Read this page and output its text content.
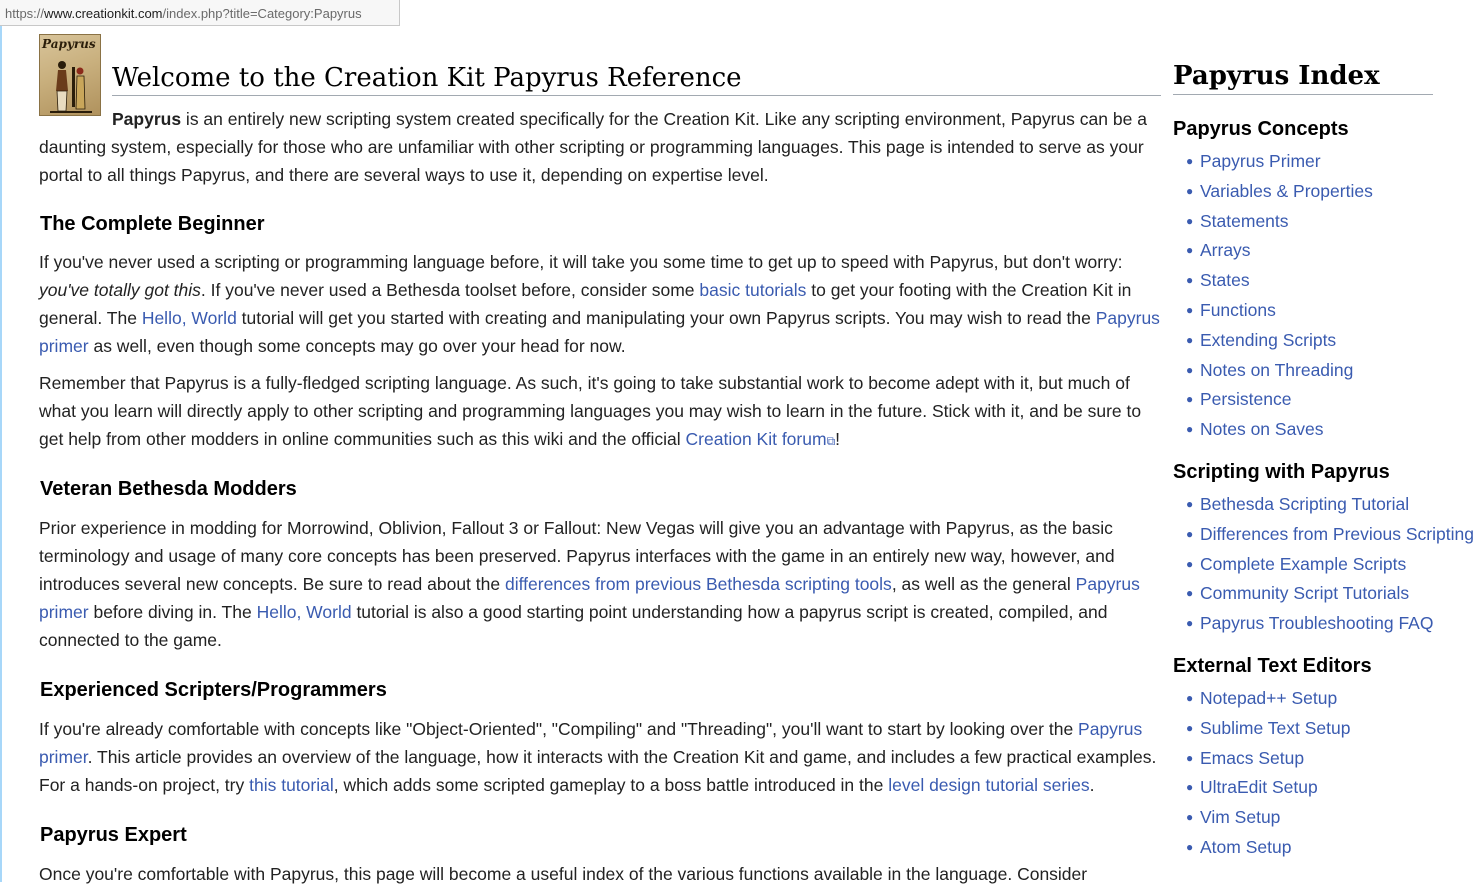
https://www.creationkit.com/index.php?title=Category:Papyrus
Papyrus
Welcome to the Creation Kit Papyrus Reference

Papyrus is an entirely new scripting system created specifically for the Creation Kit. Like any scripting environment, Papyrus can be a daunting system, especially for those who are unfamiliar with other scripting or programming languages. This page is intended to serve as your portal to all things Papyrus, and there are several ways to use it, depending on expertise level.

The Complete Beginner

If you've never used a scripting or programming language before, it will take you some time to get up to speed with Papyrus, but don't worry: you've totally got this. If you've never used a Bethesda toolset before, consider some basic tutorials to get your footing with the Creation Kit in general. The Hello, World tutorial will get you started with creating and manipulating your own Papyrus scripts. You may wish to read the Papyrus primer as well, even though some concepts may go over your head for now.

Remember that Papyrus is a fully-fledged scripting language. As such, it's going to take substantial work to become adept with it, but much of what you learn will directly apply to other scripting and programming languages you may wish to learn in the future. Stick with it, and be sure to get help from other modders in online communities such as this wiki and the official Creation Kit forum⧉!

Veteran Bethesda Modders

Prior experience in modding for Morrowind, Oblivion, Fallout 3 or Fallout: New Vegas will give you an advantage with Papyrus, as the basic terminology and usage of many core concepts has been preserved. Papyrus interfaces with the game in an entirely new way, however, and introduces several new concepts. Be sure to read about the differences from previous Bethesda scripting tools, as well as the general Papyrus primer before diving in. The Hello, World tutorial is also a good starting point understanding how a papyrus script is created, compiled, and connected to the game.

Experienced Scripters/Programmers

If you're already comfortable with concepts like "Object-Oriented", "Compiling" and "Threading", you'll want to start by looking over the Papyrus primer. This article provides an overview of the language, how it interacts with the Creation Kit and game, and includes a few practical examples. For a hands-on project, try this tutorial, which adds some scripted gameplay to a boss battle introduced in the level design tutorial series.

Papyrus Expert

Once you're comfortable with Papyrus, this page will become a useful index of the various functions available in the language. Consider

Papyrus Index
Papyrus Concepts
● Papyrus Primer
● Variables & Properties
● Statements
● Arrays
● States
● Functions
● Extending Scripts
● Notes on Threading
● Persistence
● Notes on Saves
Scripting with Papyrus
● Bethesda Scripting Tutorial
● Differences from Previous Scripting
● Complete Example Scripts
● Community Script Tutorials
● Papyrus Troubleshooting FAQ
External Text Editors
● Notepad++ Setup
● Sublime Text Setup
● Emacs Setup
● UltraEdit Setup
● Vim Setup
● Atom Setup
